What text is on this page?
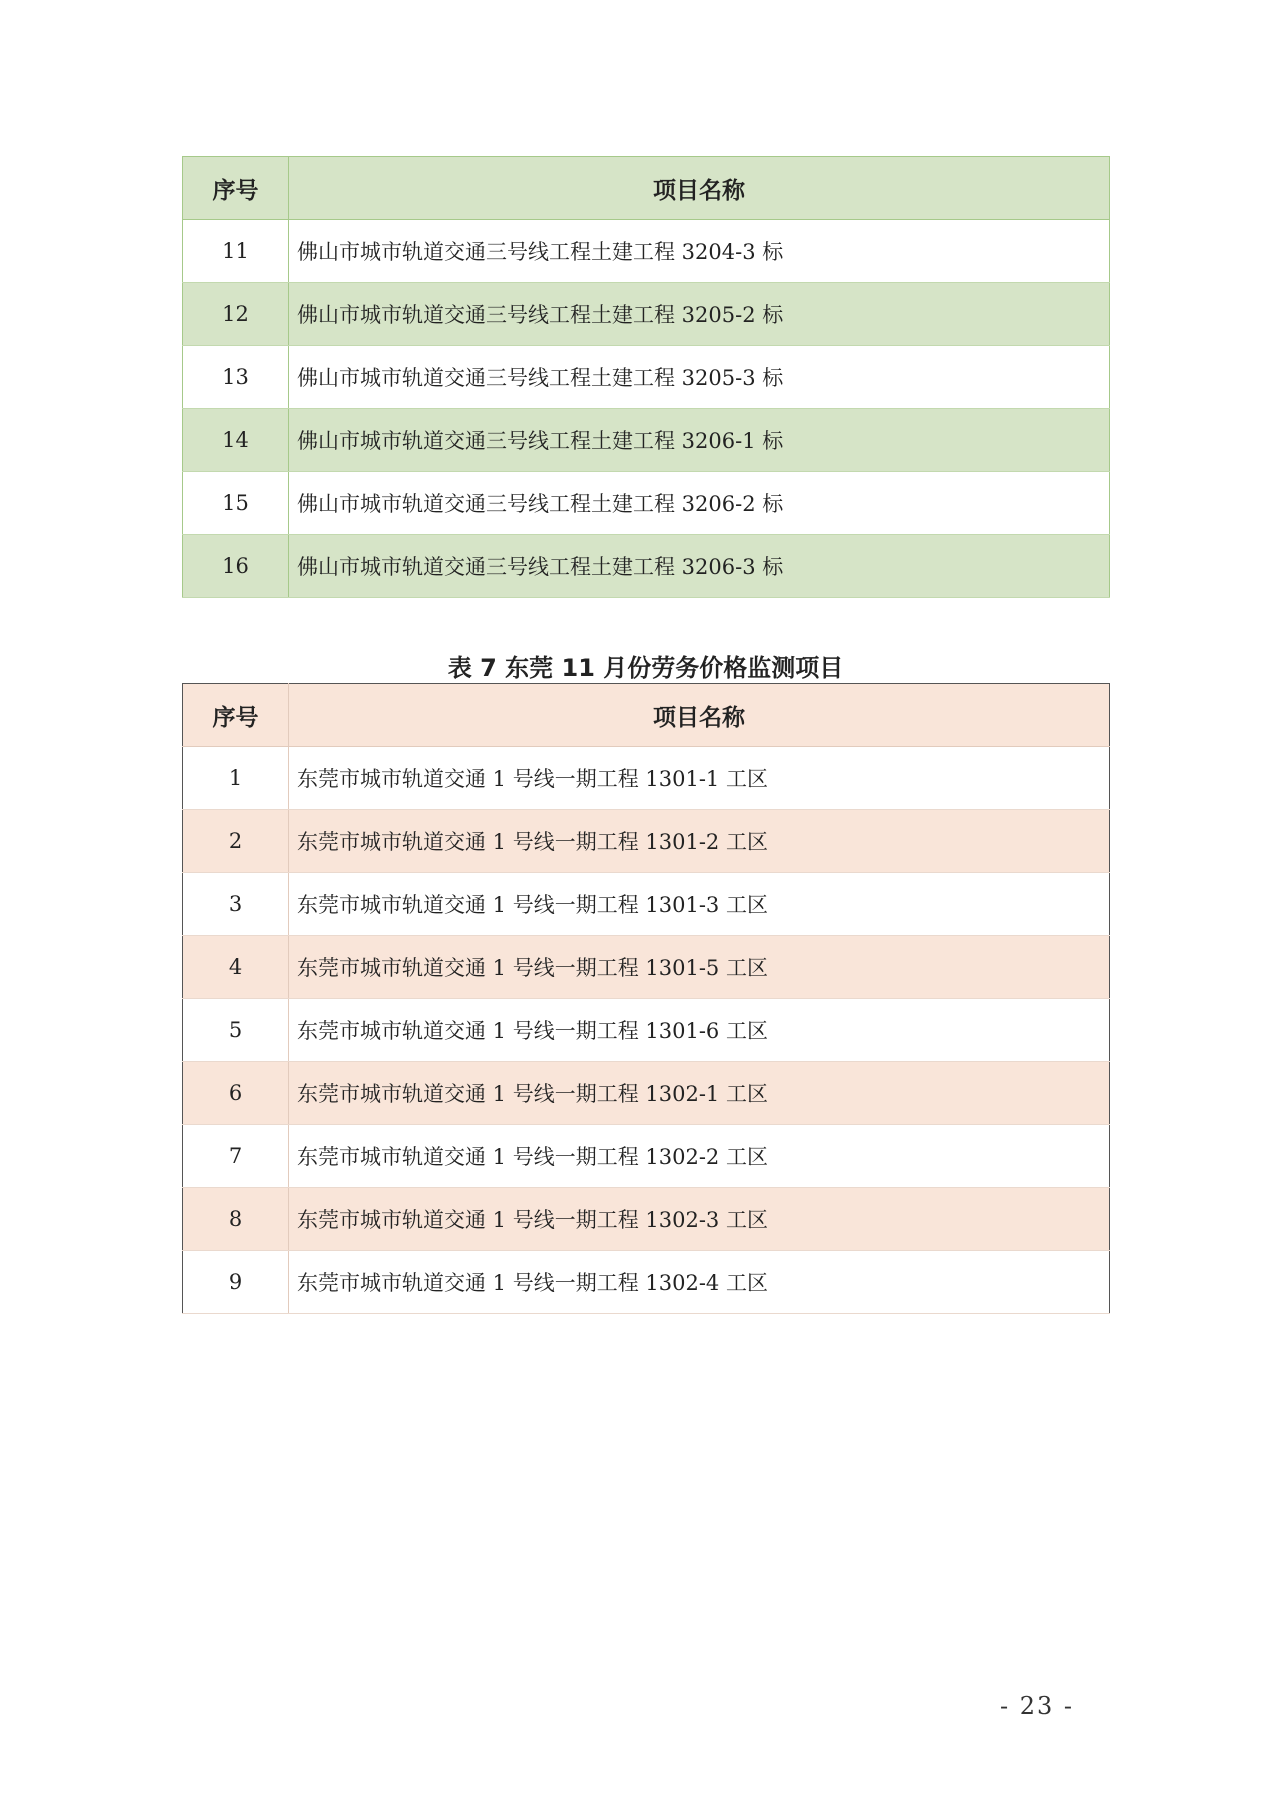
序号	项目名称
11	佛山市城市轨道交通三号线工程土建工程 3204-3 标
12	佛山市城市轨道交通三号线工程土建工程 3205-2 标
13	佛山市城市轨道交通三号线工程土建工程 3205-3 标
14	佛山市城市轨道交通三号线工程土建工程 3206-1 标
15	佛山市城市轨道交通三号线工程土建工程 3206-2 标
16	佛山市城市轨道交通三号线工程土建工程 3206-3 标
表 7 东莞 11 月份劳务价格监测项目
序号	项目名称
1	东莞市城市轨道交通 1 号线一期工程 1301-1 工区
2	东莞市城市轨道交通 1 号线一期工程 1301-2 工区
3	东莞市城市轨道交通 1 号线一期工程 1301-3 工区
4	东莞市城市轨道交通 1 号线一期工程 1301-5 工区
5	东莞市城市轨道交通 1 号线一期工程 1301-6 工区
6	东莞市城市轨道交通 1 号线一期工程 1302-1 工区
7	东莞市城市轨道交通 1 号线一期工程 1302-2 工区
8	东莞市城市轨道交通 1 号线一期工程 1302-3 工区
9	东莞市城市轨道交通 1 号线一期工程 1302-4 工区
- 23 -
